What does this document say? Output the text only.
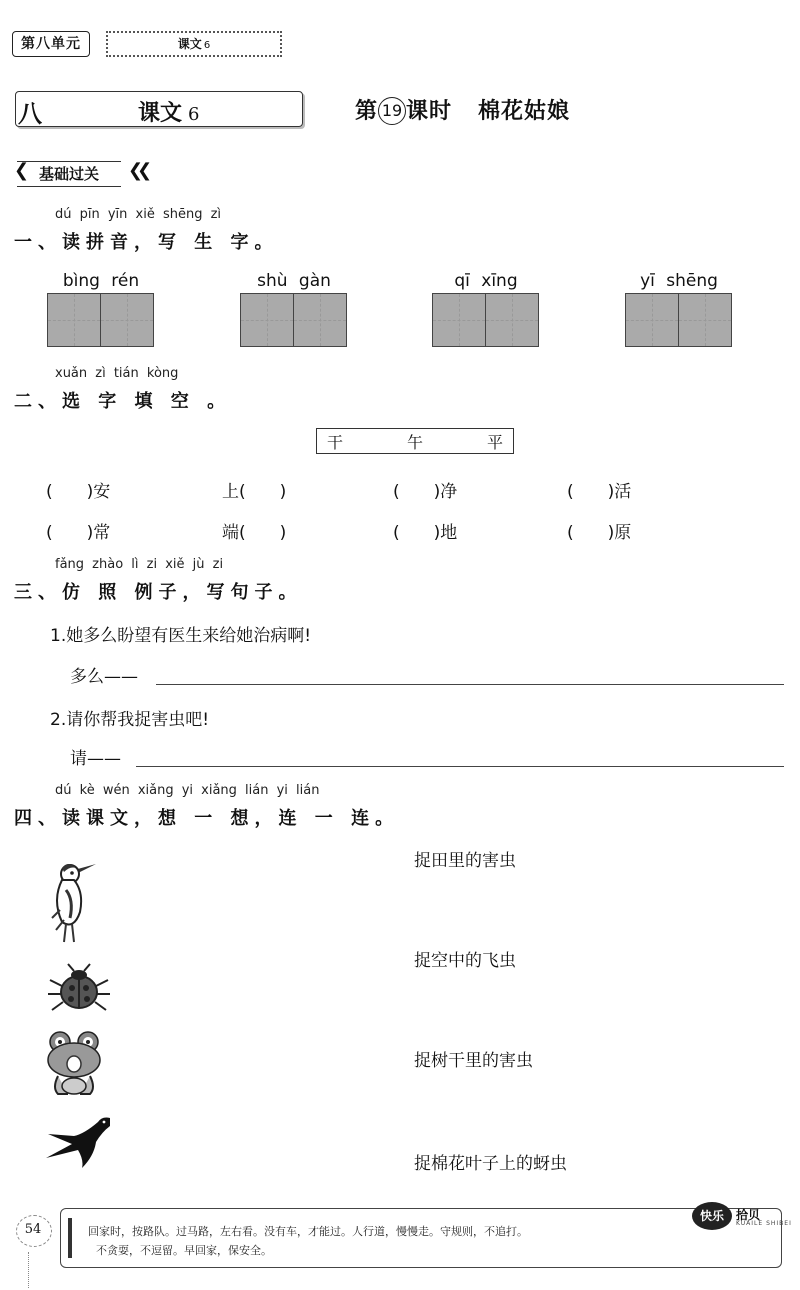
第八单元	课文 6
八	课文 6	第 19 课时 棉花姑娘
❮ 基础过关	❮❮
dú pīn yīn xiě shēng zì
一、读拼音，写 生 字。
bìng rén	shù gàn	qī xīng	yī shēng
xuǎn zì tián kòng
二、选 字 填 空 。
干	午	平
(　　)安	上(　　)	(　　)净	(　　)活
(　　)常	端(　　)	(　　)地	(　　)原
fǎng zhào lì zi xiě jù zi
三、仿 照 例子，写句子。
1.她多么盼望有医生来给她治病啊!
多么——
2.请你帮我捉害虫吧!
请——
dú kè wén xiǎng yi xiǎng lián yi lián
四、读课文，想 一 想，连 一 连。
捉田里的害虫
捉空中的飞虫
捉树干里的害虫
捉棉花叶子上的蚜虫
54	回家时，按路队。过马路，左右看。没有车，才能过。人行道，慢慢走。守规则，不追打。
不贪耍，不逗留。早回家，保安全。
快乐	拾贝
KUAILE SHIBEI
